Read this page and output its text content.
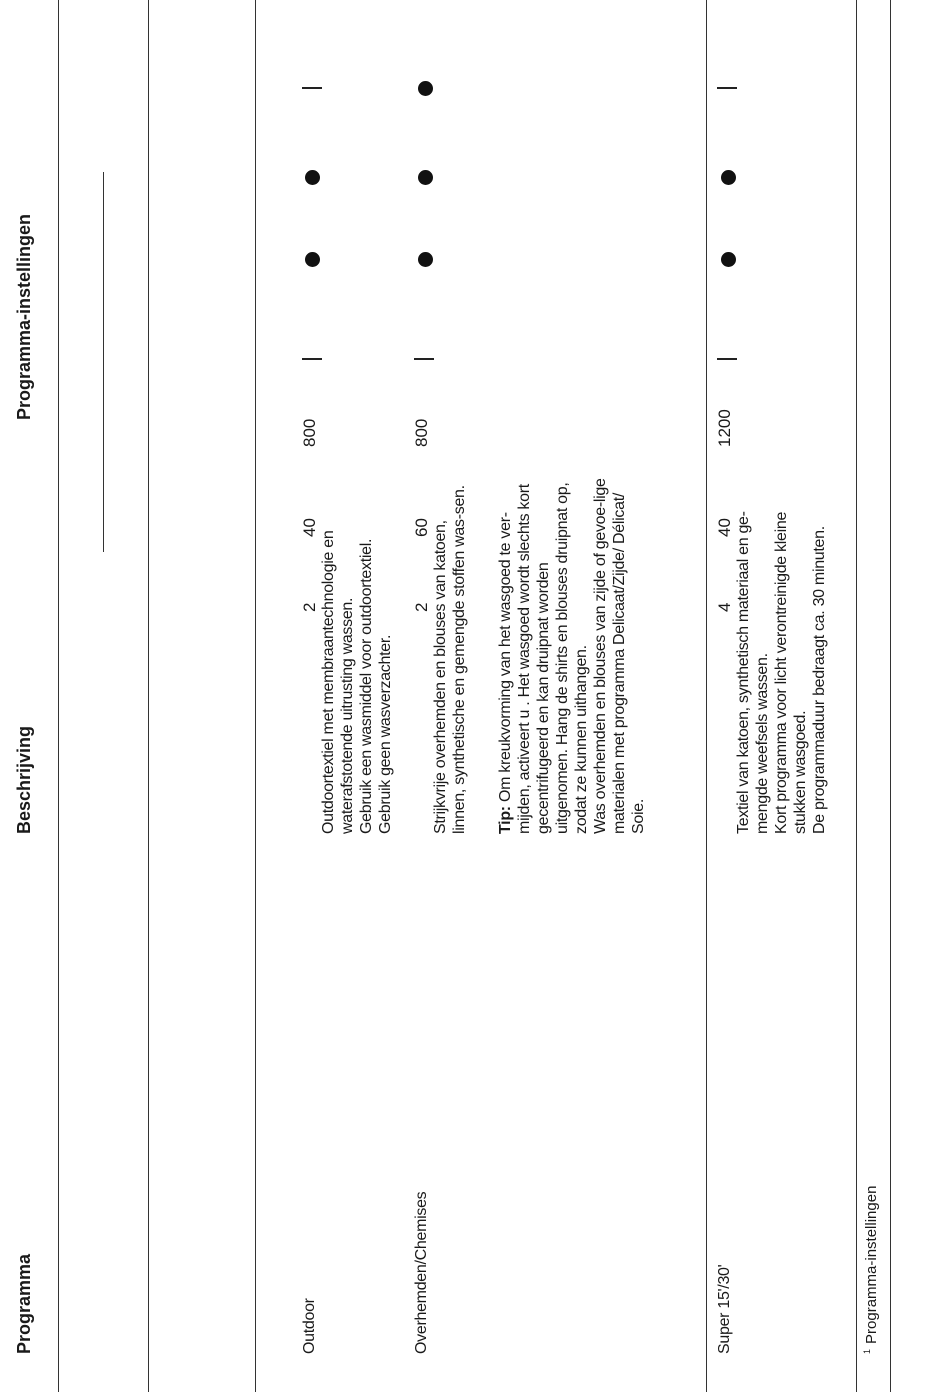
Programma
Beschrijving
Programma-instellingen
Outdoor

Outdoortextiel met membraantechnologie en waterafstotende uitrusting wassen.
Gebruik een wasmiddel voor outdoortextiel.
Gebruik geen wasverzachter.

2
40
800
Overhemden/Chemises

Strijkvrije overhemden en blouses van katoen, linnen, synthetische en gemengde stoffen was-sen. Tip: Om kreukvorming van het wasgoed te ver-mijden, activeert u . Het wasgoed wordt slechts kort gecentrifugeerd en kan druipnat worden uitgenomen. Hang de shirts en blouses druipnat op, zodat ze kunnen uithangen.
Was overhemden en blouses van zijde of gevoe-lige materialen met programma Delicaat/Zijde/ Délicat/ Soie.

2
60
800
Super 15'/30'

Textiel van katoen, synthetisch materiaal en ge-mengde weefsels wassen.
Kort programma voor licht verontreinigde kleine stukken wasgoed.
De programmaduur bedraagt ca. 30 minuten.

4
40
1200
$^1$Programma-instellingen
